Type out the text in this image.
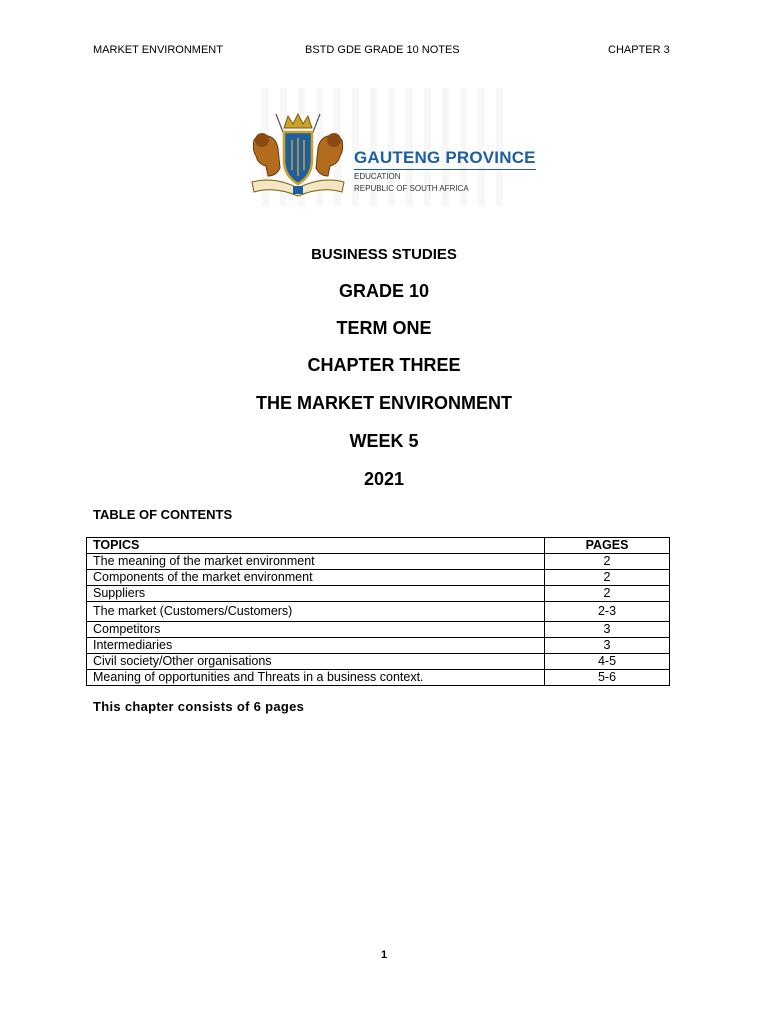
MARKET ENVIRONMENT	BSTD GDE GRADE 10 NOTES	CHAPTER 3
GAUTENG PROVINCE
EDUCATION
REPUBLIC OF SOUTH AFRICA
BUSINESS STUDIES
GRADE 10
TERM ONE
CHAPTER THREE
THE MARKET ENVIRONMENT
WEEK 5
2021
TABLE OF CONTENTS
TOPICS	PAGES
The meaning of the market environment	2
Components of the market environment	2
Suppliers	2
The market (Customers/Customers)	2-3
Competitors	3
Intermediaries	3
Civil society/Other organisations	4-5
Meaning of opportunities and Threats in a business context.	5-6
This chapter consists of 6 pages
1
